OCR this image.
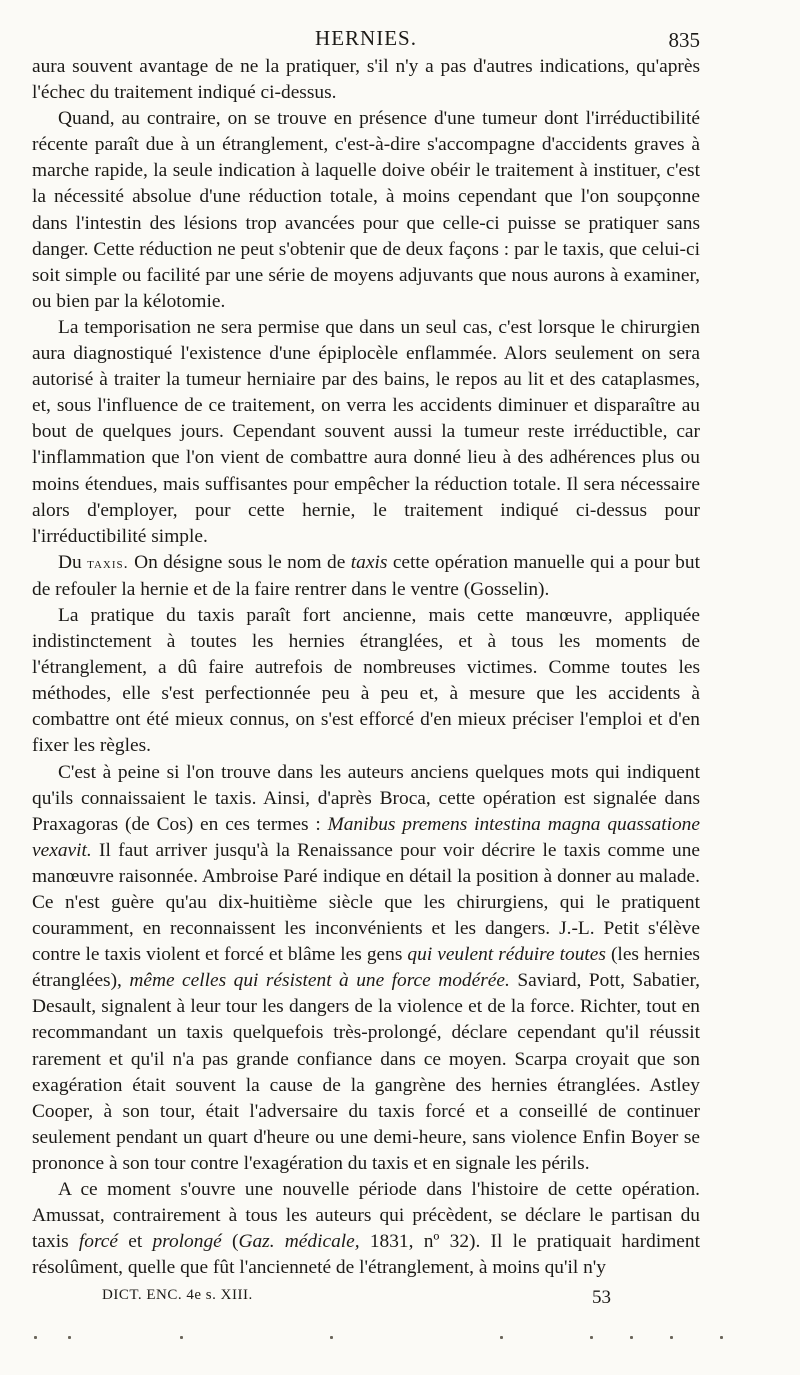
HERNIES.	835

aura souvent avantage de ne la pratiquer, s'il n'y a pas d'autres indications, qu'après l'échec du traitement indiqué ci-dessus.

Quand, au contraire, on se trouve en présence d'une tumeur dont l'irréductibilité récente paraît due à un étranglement, c'est-à-dire s'accompagne d'accidents graves à marche rapide, la seule indication à laquelle doive obéir le traitement à instituer, c'est la nécessité absolue d'une réduction totale, à moins cependant que l'on soupçonne dans l'intestin des lésions trop avancées pour que celle-ci puisse se pratiquer sans danger. Cette réduction ne peut s'obtenir que de deux façons : par le taxis, que celui-ci soit simple ou facilité par une série de moyens adjuvants que nous aurons à examiner, ou bien par la kélotomie.

La temporisation ne sera permise que dans un seul cas, c'est lorsque le chirurgien aura diagnostiqué l'existence d'une épiplocèle enflammée. Alors seulement on sera autorisé à traiter la tumeur herniaire par des bains, le repos au lit et des cataplasmes, et, sous l'influence de ce traitement, on verra les accidents diminuer et disparaître au bout de quelques jours. Cependant souvent aussi la tumeur reste irréductible, car l'inflammation que l'on vient de combattre aura donné lieu à des adhérences plus ou moins étendues, mais suffisantes pour empêcher la réduction totale. Il sera nécessaire alors d'employer, pour cette hernie, le traitement indiqué ci-dessus pour l'irréductibilité simple.

Du taxis. On désigne sous le nom de taxis cette opération manuelle qui a pour but de refouler la hernie et de la faire rentrer dans le ventre (Gosselin).

La pratique du taxis paraît fort ancienne, mais cette manœuvre, appliquée indistinctement à toutes les hernies étranglées, et à tous les moments de l'étranglement, a dû faire autrefois de nombreuses victimes. Comme toutes les méthodes, elle s'est perfectionnée peu à peu et, à mesure que les accidents à combattre ont été mieux connus, on s'est efforcé d'en mieux préciser l'emploi et d'en fixer les règles.

C'est à peine si l'on trouve dans les auteurs anciens quelques mots qui indiquent qu'ils connaissaient le taxis. Ainsi, d'après Broca, cette opération est signalée dans Praxagoras (de Cos) en ces termes : Manibus premens intestina magna quassatione vexavit. Il faut arriver jusqu'à la Renaissance pour voir décrire le taxis comme une manœuvre raisonnée. Ambroise Paré indique en détail la position à donner au malade. Ce n'est guère qu'au dix-huitième siècle que les chirurgiens, qui le pratiquent couramment, en reconnaissent les inconvénients et les dangers. J.-L. Petit s'élève contre le taxis violent et forcé et blâme les gens qui veulent réduire toutes (les hernies étranglées), même celles qui résistent à une force modérée. Saviard, Pott, Sabatier, Desault, signalent à leur tour les dangers de la violence et de la force. Richter, tout en recommandant un taxis quelquefois très-prolongé, déclare cependant qu'il réussit rarement et qu'il n'a pas grande confiance dans ce moyen. Scarpa croyait que son exagération était souvent la cause de la gangrène des hernies étranglées. Astley Cooper, à son tour, était l'adversaire du taxis forcé et a conseillé de continuer seulement pendant un quart d'heure ou une demi-heure, sans violence Enfin Boyer se prononce à son tour contre l'exagération du taxis et en signale les périls.

A ce moment s'ouvre une nouvelle période dans l'histoire de cette opération. Amussat, contrairement à tous les auteurs qui précèdent, se déclare le partisan du taxis forcé et prolongé (Gaz. médicale, 1831, nº 32). Il le pratiquait hardiment résolûment, quelle que fût l'ancienneté de l'étranglement, à moins qu'il n'y

DICT. ENC. 4e s. XIII.	53
